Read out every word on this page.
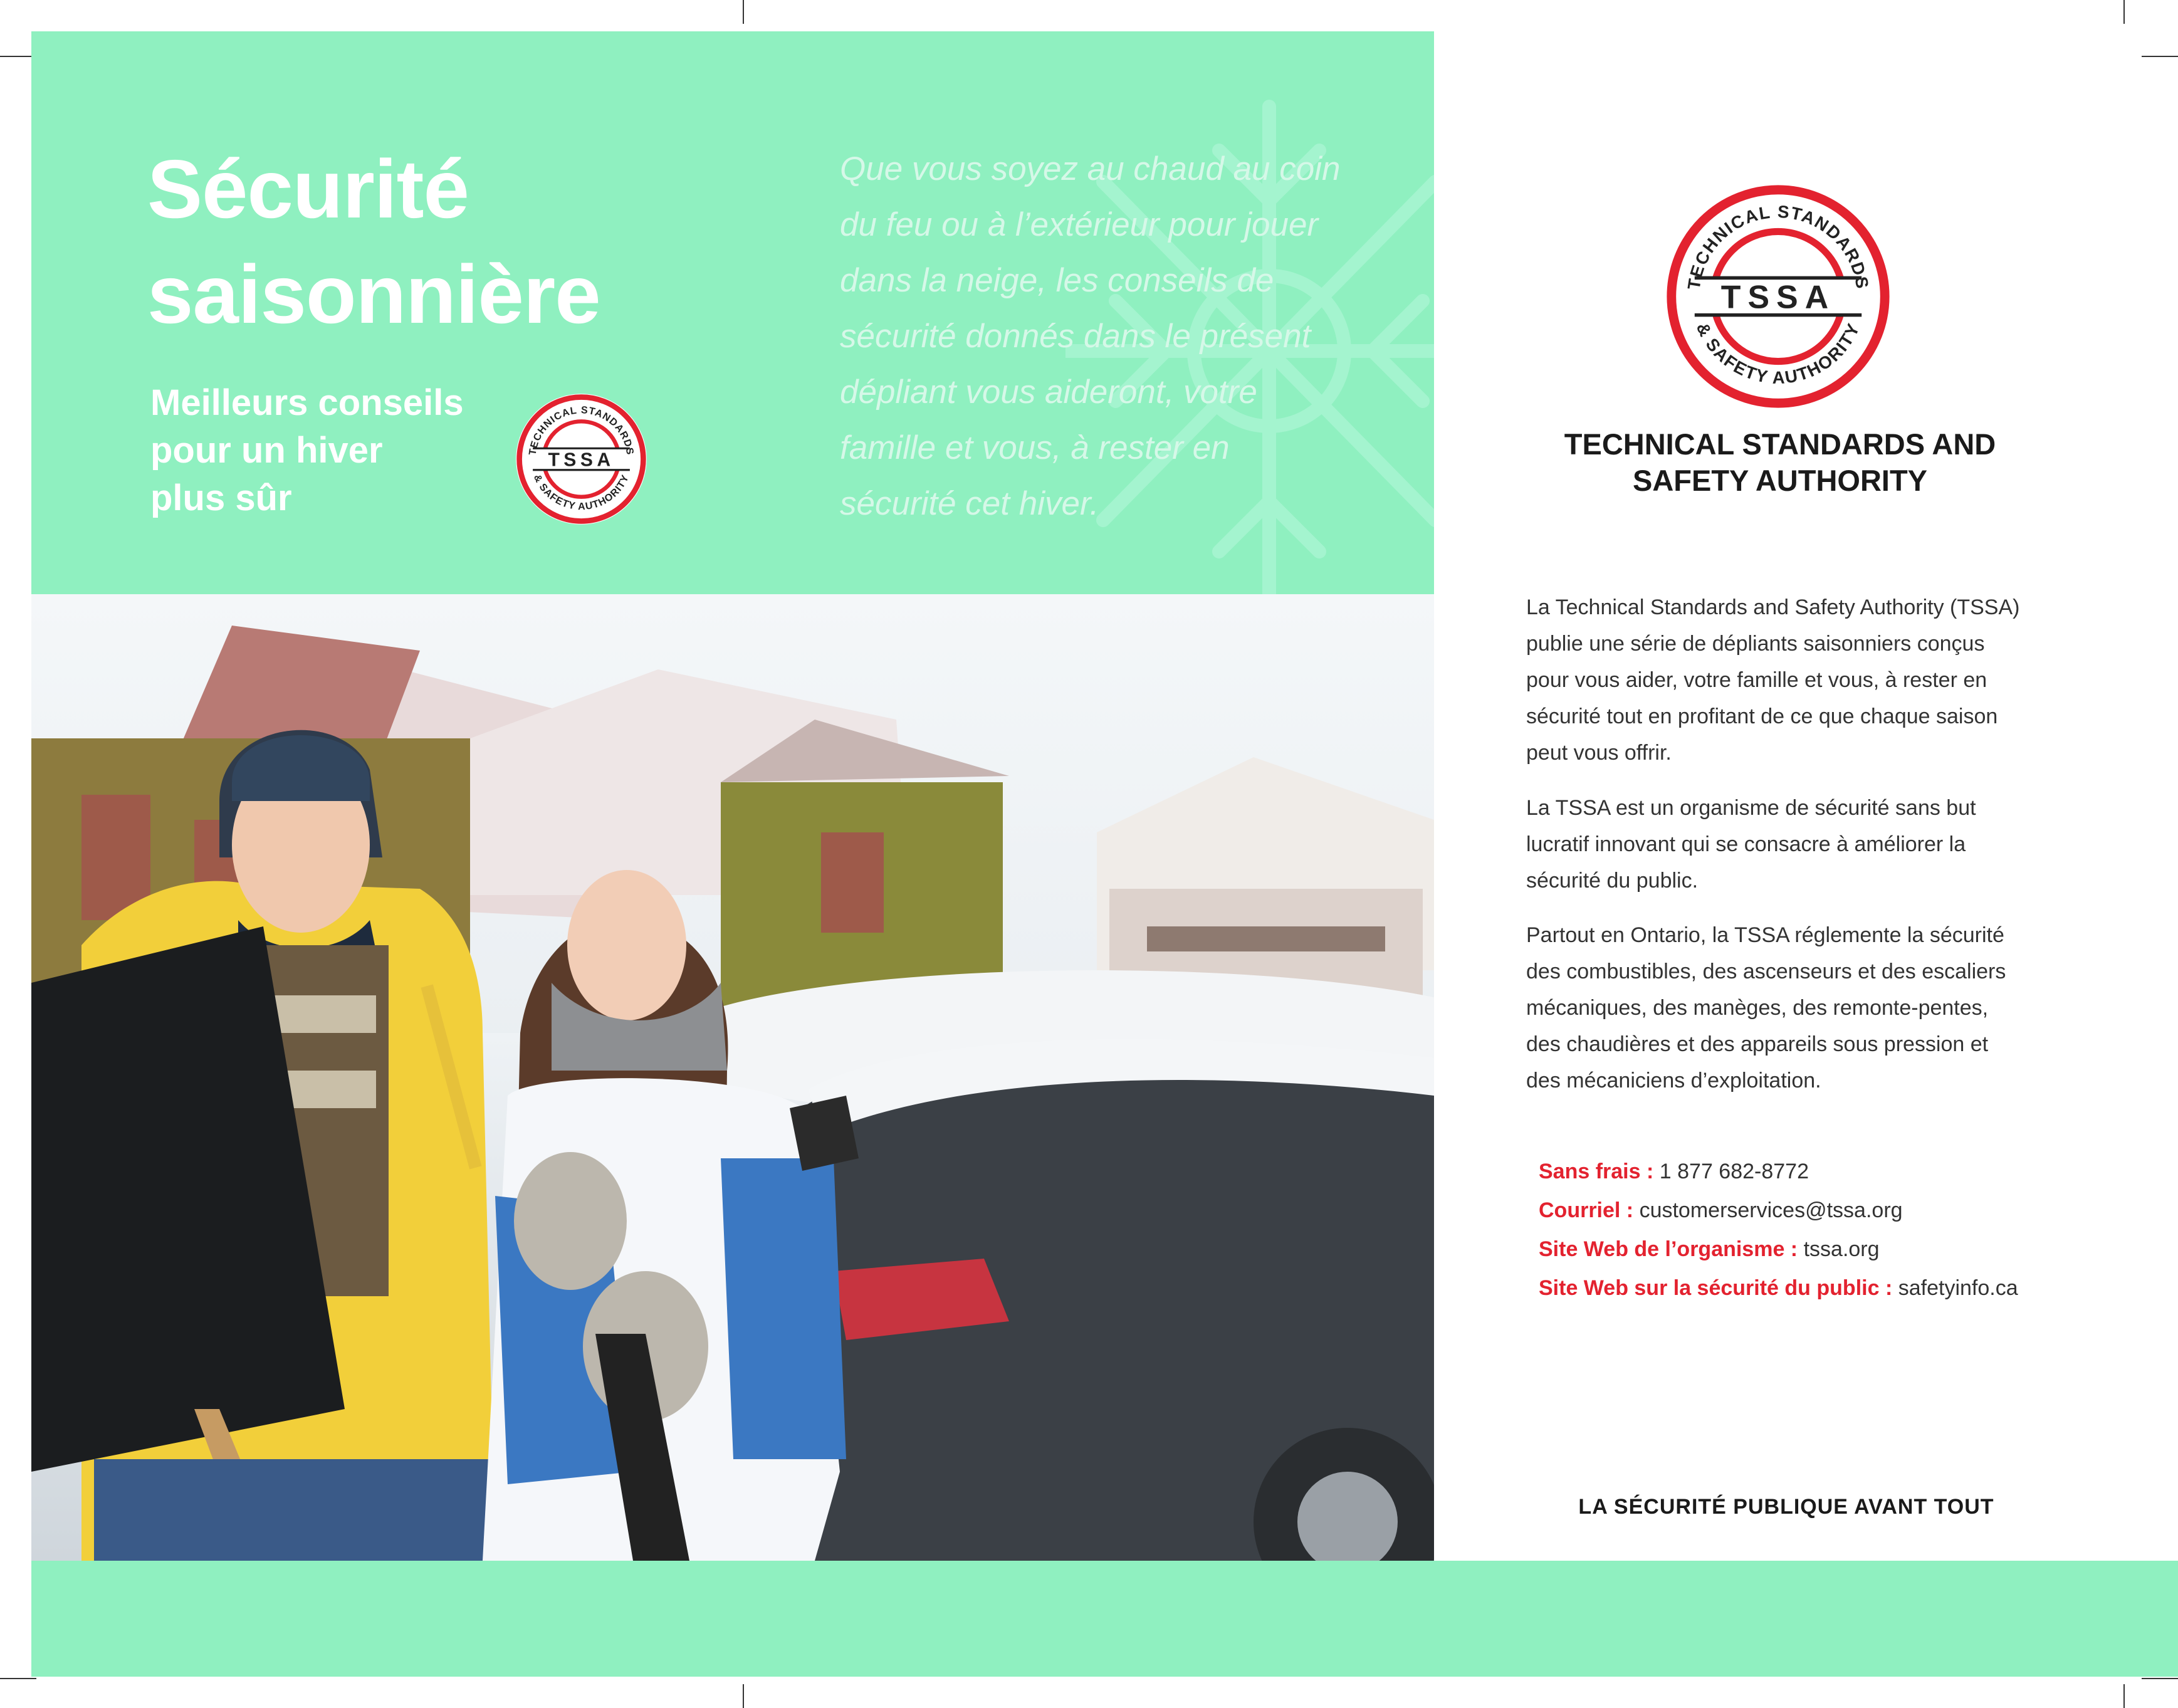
Sécurité
saisonnière
Meilleurs conseils
pour un hiver
plus sûr
Que vous soyez au chaud au coin du feu ou à l’extérieur pour jouer dans la neige, les conseils de sécurité donnés dans le présent dépliant vous aideront, votre famille et vous, à rester en sécurité cet hiver.
TECHNICAL STANDARDS
& SAFETY AUTHORITY
TSSA
TECHNICAL STANDARDS
& SAFETY AUTHORITY
TSSA
TECHNICAL STANDARDS AND
SAFETY AUTHORITY
La Technical Standards and Safety Authority (TSSA) publie une série de dépliants saisonniers conçus pour vous aider, votre famille et vous, à rester en sécurité tout en profitant de ce que chaque saison peut vous offrir.
La TSSA est un organisme de sécurité sans but lucratif innovant qui se consacre à améliorer la sécurité du public.
Partout en Ontario, la TSSA réglemente la sécurité des combustibles, des ascenseurs et des escaliers mécaniques, des manèges, des remonte-pentes, des chaudières et des appareils sous pression et des mécaniciens d’exploitation.
Sans frais : 1 877 682-8772
Courriel : customerservices@tssa.org
Site Web de l’organisme : tssa.org
Site Web sur la sécurité du public : safetyinfo.ca
LA SÉCURITÉ PUBLIQUE AVANT TOUT
